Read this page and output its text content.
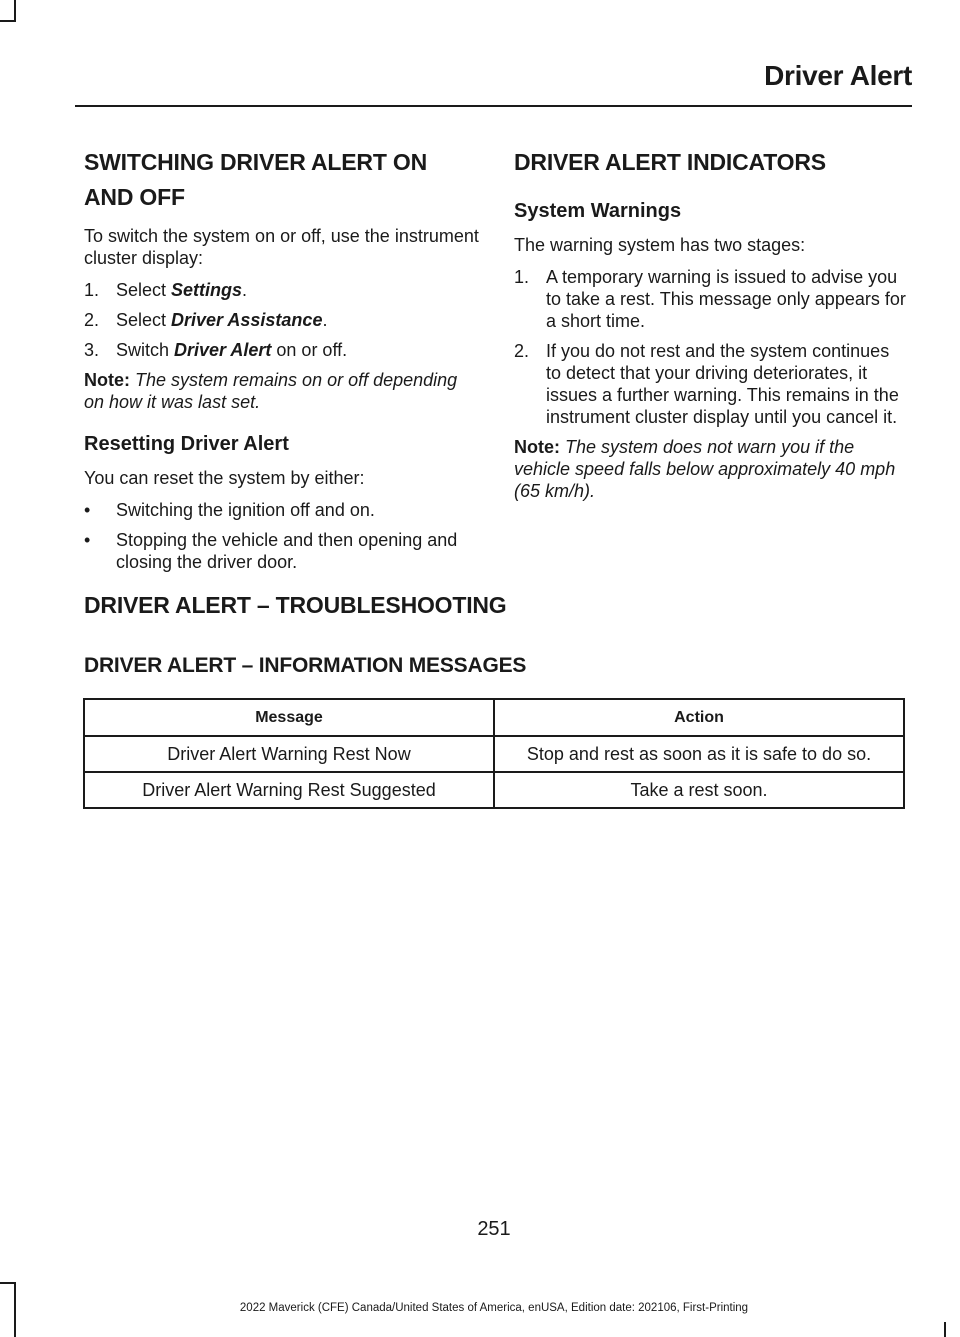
Driver Alert
SWITCHING DRIVER ALERT ON AND OFF

To switch the system on or off, use the instrument cluster display:

1. Select Settings.
2. Select Driver Assistance.
3. Switch Driver Alert on or off.

Note: The system remains on or off depending on how it was last set.

Resetting Driver Alert

You can reset the system by either:

•	Switching the ignition off and on.
•	Stopping the vehicle and then opening and closing the driver door.
DRIVER ALERT INDICATORS
System Warnings

The warning system has two stages:

1. A temporary warning is issued to advise you to take a rest. This message only appears for a short time.
2. If you do not rest and the system continues to detect that your driving deteriorates, it issues a further warning. This remains in the instrument cluster display until you cancel it.

Note: The system does not warn you if the vehicle speed falls below approximately 40 mph (65 km/h).

DRIVER ALERT – TROUBLESHOOTING
DRIVER ALERT – INFORMATION MESSAGES
Message	Action
Driver Alert Warning Rest Now	Stop and rest as soon as it is safe to do so.
Driver Alert Warning Rest Suggested	Take a rest soon.
251
2022 Maverick (CFE) Canada/United States of America, enUSA, Edition date: 202106, First-Printing
